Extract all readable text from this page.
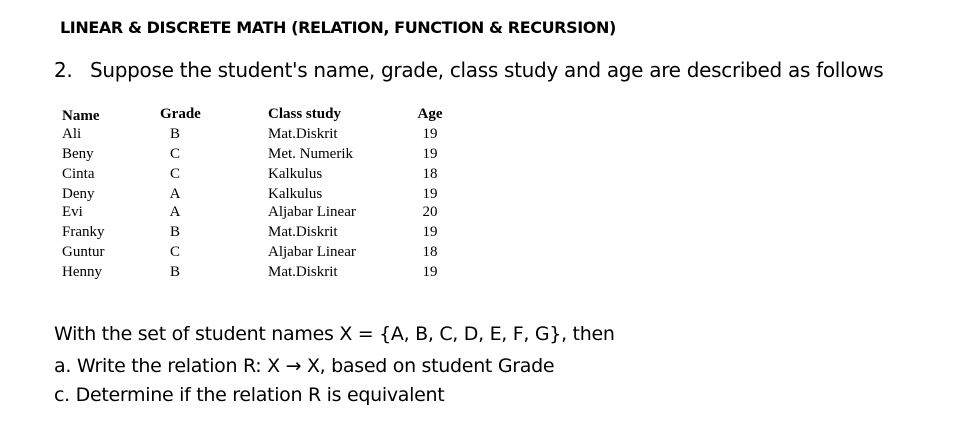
LINEAR & DISCRETE MATH (RELATION, FUNCTION & RECURSION)
2. Suppose the student's name, grade, class study and age are described as follows
Name	Grade	Class study	Age
Ali	B	Mat.Diskrit	19
Beny	C	Met. Numerik	19
Cinta	C	Kalkulus	18
Deny	A	Kalkulus	19
Evi	A	Aljabar Linear	20
Franky	B	Mat.Diskrit	19
Guntur	C	Aljabar Linear	18
Henny	B	Mat.Diskrit	19
With the set of student names X = {A, B, C, D, E, F, G}, then
a. Write the relation R: X → X, based on student Grade
c. Determine if the relation R is equivalent
